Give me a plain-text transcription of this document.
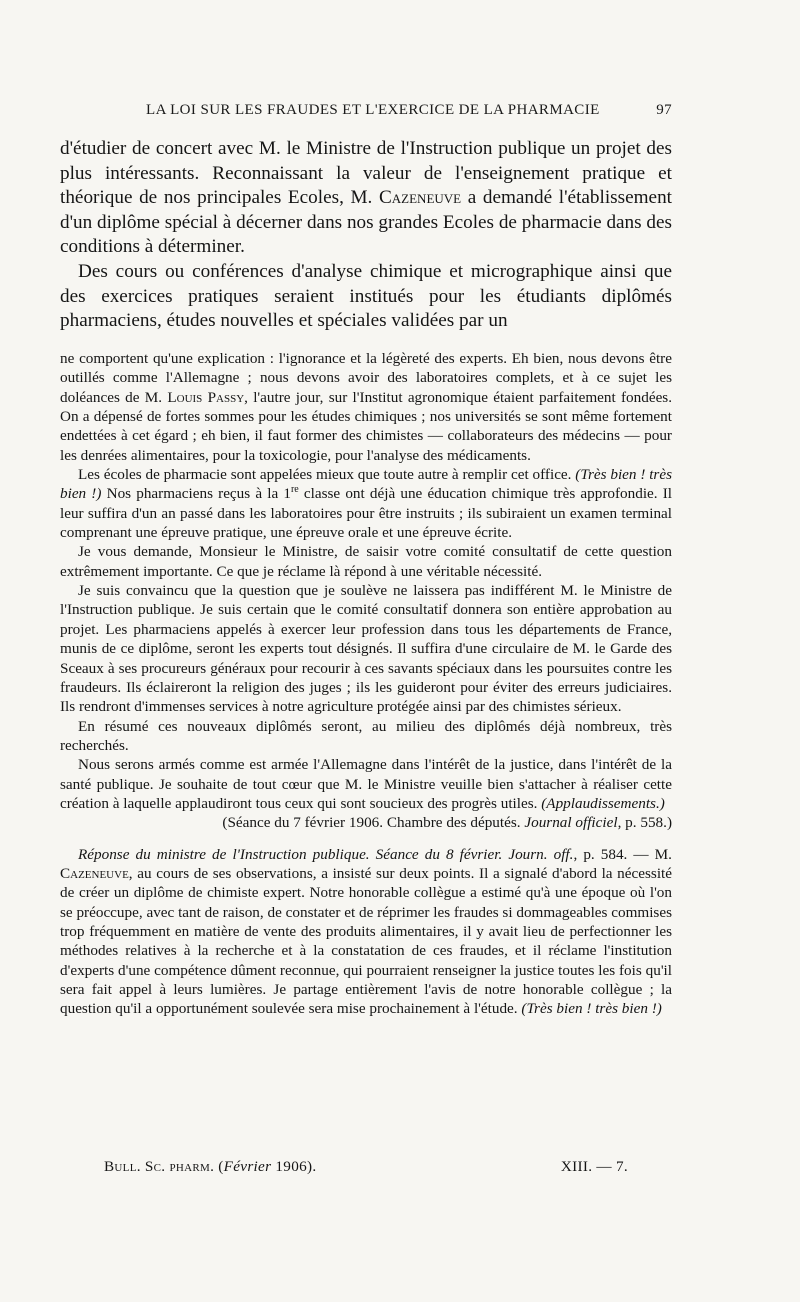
LA LOI SUR LES FRAUDES ET L'EXERCICE DE LA PHARMACIE	97

d'étudier de concert avec M. le Ministre de l'Instruction publique un projet des plus intéressants. Reconnaissant la valeur de l'enseignement pratique et théorique de nos principales Ecoles, M. Cazeneuve a demandé l'établissement d'un diplôme spécial à décerner dans nos grandes Ecoles de pharmacie dans des conditions à déterminer.

Des cours ou conférences d'analyse chimique et micrographique ainsi que des exercices pratiques seraient institués pour les étudiants diplômés pharmaciens, études nouvelles et spéciales validées par un

ne comportent qu'une explication : l'ignorance et la légèreté des experts. Eh bien, nous devons être outillés comme l'Allemagne ; nous devons avoir des laboratoires complets, et à ce sujet les doléances de M. Louis Passy, l'autre jour, sur l'Institut agronomique étaient parfaitement fondées. On a dépensé de fortes sommes pour les études chimiques ; nos universités se sont même fortement endettées à cet égard ; eh bien, il faut former des chimistes — collaborateurs des médecins — pour les denrées alimentaires, pour la toxicologie, pour l'analyse des médicaments.

Les écoles de pharmacie sont appelées mieux que toute autre à remplir cet office. (Très bien ! très bien !) Nos pharmaciens reçus à la 1re classe ont déjà une éducation chimique très approfondie. Il leur suffira d'un an passé dans les laboratoires pour être instruits ; ils subiraient un examen terminal comprenant une épreuve pratique, une épreuve orale et une épreuve écrite.

Je vous demande, Monsieur le Ministre, de saisir votre comité consultatif de cette question extrêmement importante. Ce que je réclame là répond à une véritable nécessité.

Je suis convaincu que la question que je soulève ne laissera pas indifférent M. le Ministre de l'Instruction publique. Je suis certain que le comité consultatif donnera son entière approbation au projet. Les pharmaciens appelés à exercer leur profession dans tous les départements de France, munis de ce diplôme, seront les experts tout désignés. Il suffira d'une circulaire de M. le Garde des Sceaux à ses procureurs généraux pour recourir à ces savants spéciaux dans les poursuites contre les fraudeurs. Ils éclaireront la religion des juges ; ils les guideront pour éviter des erreurs judiciaires. Ils rendront d'immenses services à notre agriculture protégée ainsi par des chimistes sérieux.

En résumé ces nouveaux diplômés seront, au milieu des diplômés déjà nombreux, très recherchés.

Nous serons armés comme est armée l'Allemagne dans l'intérêt de la justice, dans l'intérêt de la santé publique. Je souhaite de tout cœur que M. le Ministre veuille bien s'attacher à réaliser cette création à laquelle applaudiront tous ceux qui sont soucieux des progrès utiles. (Applaudissements.)

(Séance du 7 février 1906. Chambre des députés. Journal officiel, p. 558.)

Réponse du ministre de l'Instruction publique. Séance du 8 février. Journ. off., p. 584. — M. Cazeneuve, au cours de ses observations, a insisté sur deux points. Il a signalé d'abord la nécessité de créer un diplôme de chimiste expert. Notre honorable collègue a estimé qu'à une époque où l'on se préoccupe, avec tant de raison, de constater et de réprimer les fraudes si dommageables commises trop fréquemment en matière de vente des produits alimentaires, il y avait lieu de perfectionner les méthodes relatives à la recherche et à la constatation de ces fraudes, et il réclame l'institution d'experts d'une compétence dûment reconnue, qui pourraient renseigner la justice toutes les fois qu'il sera fait appel à leurs lumières. Je partage entièrement l'avis de notre honorable collègue ; la question qu'il a opportunément soulevée sera mise prochainement à l'étude. (Très bien ! très bien !)

Bull. Sc. pharm. (Février 1906).	XIII. — 7.
